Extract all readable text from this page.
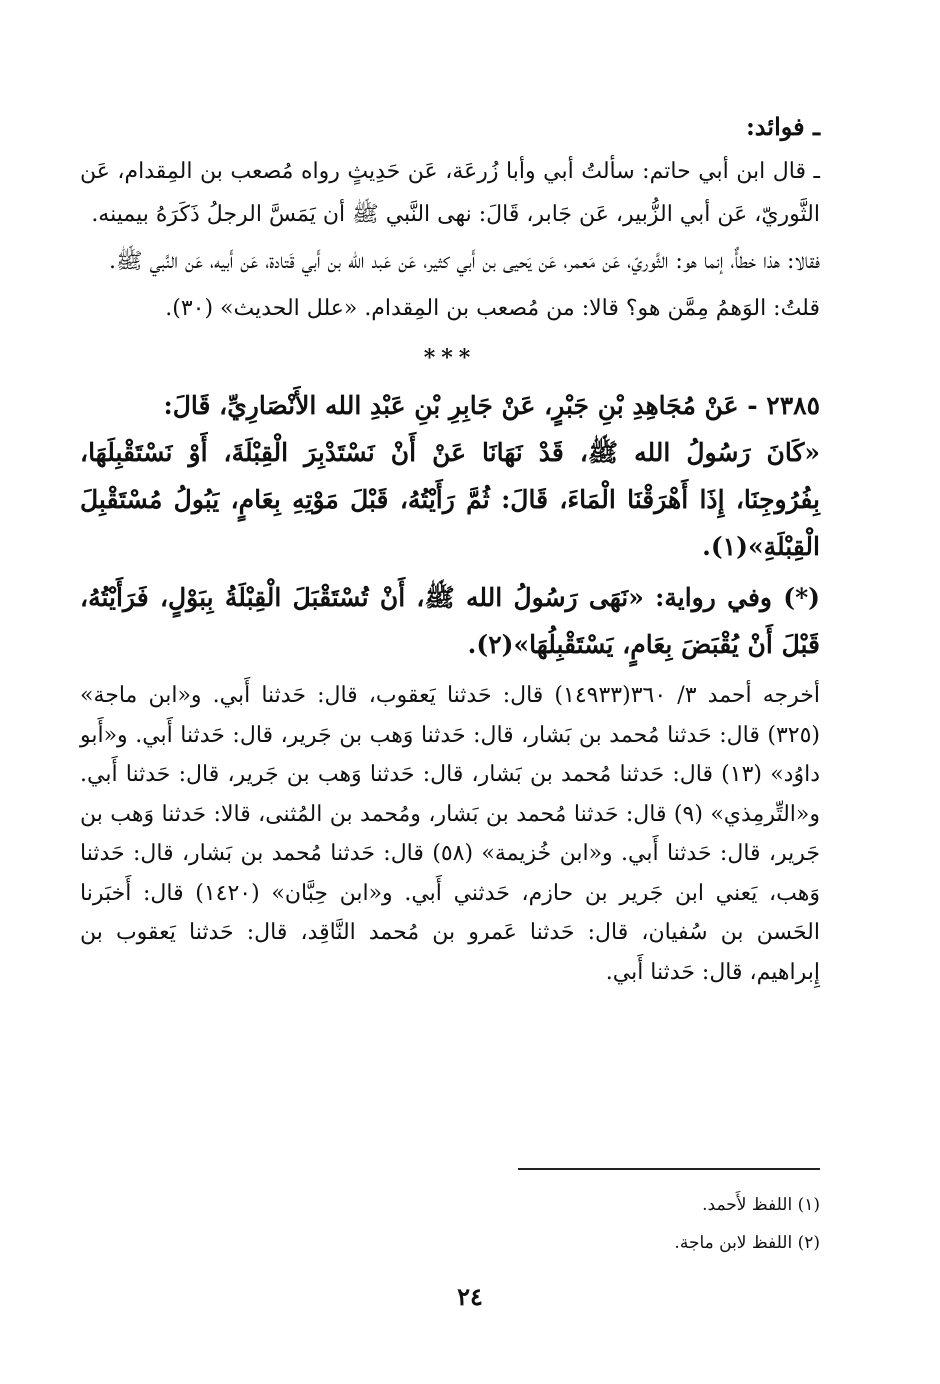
ـ فوائد:

ـ قال ابن أبي حاتم: سألتُ أبي وأبا زُرعَة، عَن حَدِيثٍ رواه مُصعب بن المِقدام، عَن الثَّوريّ، عَن أبي الزُّبير، عَن جَابر، قَالَ: نهى النَّبي ﷺ أن يَمَسَّ الرجلُ ذَكَرَهُ بيمينه.

فقالا: هذا خطأٌ، إنما هو: الثَّوريّ، عَن مَعمر، عَن يَحيى بن أَبي كثير، عَن عَبد الله بن أَبي قَتادة، عَن أَبيه، عَن النَّبي ﷺ.

قلتُ: الوَهمُ مِمَّن هو؟ قالا: من مُصعب بن المِقدام. «علل الحديث» (٣٠).

***

٢٣٨٥ - عَنْ مُجَاهِدِ بْنِ جَبْرٍ، عَنْ جَابِرِ بْنِ عَبْدِ الله الأَنْصَارِيِّ، قَالَ:

«كَانَ رَسُولُ الله ﷺ، قَدْ نَهَانَا عَنْ أَنْ نَسْتَدْبِرَ الْقِبْلَةَ، أَوْ نَسْتَقْبِلَهَا، بِفُرُوجِنَا، إِذَا أَهْرَقْنَا الْمَاءَ، قَالَ: ثُمَّ رَأَيْتُهُ، قَبْلَ مَوْتِهِ بِعَامٍ، يَبُولُ مُسْتَقْبِلَ الْقِبْلَةِ»(١).

(*) وفي رواية: «نَهَى رَسُولُ الله ﷺ، أَنْ تُسْتَقْبَلَ الْقِبْلَةُ بِبَوْلٍ، فَرَأَيْتُهُ، قَبْلَ أَنْ يُقْبَضَ بِعَامٍ، يَسْتَقْبِلُهَا»(٢).

أخرجه أحمد ٣/ ٣٦٠(١٤٩٣٣) قال: حَدثنا يَعقوب، قال: حَدثنا أَبي. و«ابن ماجة» (٣٢٥) قال: حَدثنا مُحمد بن بَشار، قال: حَدثنا وَهب بن جَرير، قال: حَدثنا أَبي. و«أَبو داوُد» (١٣) قال: حَدثنا مُحمد بن بَشار، قال: حَدثنا وَهب بن جَرير، قال: حَدثنا أَبي. و«التِّرمِذي» (٩) قال: حَدثنا مُحمد بن بَشار، ومُحمد بن المُثنى، قالا: حَدثنا وَهب بن جَرير، قال: حَدثنا أَبي. و«ابن خُزيمة» (٥٨) قال: حَدثنا مُحمد بن بَشار، قال: حَدثنا وَهب، يَعني ابن جَرير بن حازم، حَدثني أَبي. و«ابن حِبَّان» (١٤٢٠) قال: أَخبَرنا الحَسن بن سُفيان، قال: حَدثنا عَمرو بن مُحمد النَّاقِد، قال: حَدثنا يَعقوب بن إِبراهيم، قال: حَدثنا أَبي.

(١) اللفظ لأَحمد.
(٢) اللفظ لابن ماجة.
٢٤
